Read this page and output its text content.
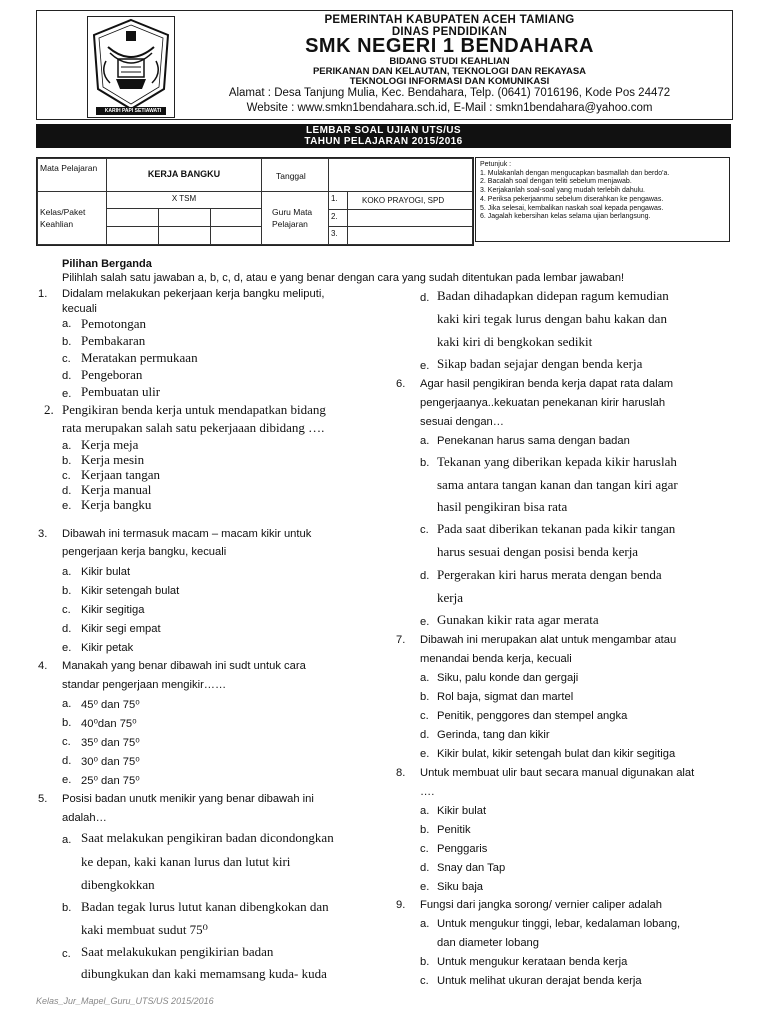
KARIH PAPI SETIAWATI
PEMERINTAH KABUPATEN ACEH TAMIANG
DINAS PENDIDIKAN
SMK NEGERI 1 BENDAHARA
BIDANG STUDI KEAHLIAN
PERIKANAN DAN KELAUTAN, TEKNOLOGI DAN REKAYASA
TEKNOLOGI INFORMASI DAN KOMUNIKASI
Alamat : Desa Tanjung Mulia, Kec. Bendahara, Telp. (0641) 7016196, Kode Pos 24472
Website : www.smkn1bendahara.sch.id, E-Mail : smkn1bendahara@yahoo.com
LEMBAR SOAL UJIAN UTS/US
TAHUN PELAJARAN 2015/2016
Mata Pelajaran
KERJA BANGKU	Tanggal
X TSM
Kelas/Paket Keahlian
Guru Mata Pelajaran
1.
2.
3.
KOKO PRAYOGI, SPD
Petunjuk :
1. Mulakanlah dengan mengucapkan basmallah dan berdo'a.
2. Bacalah soal dengan teliti sebelum menjawab.
3. Kerjakanlah soal-soal yang mudah terlebih dahulu.
4. Periksa pekerjaanmu sebelum diserahkan ke pengawas.
5. Jika selesai, kembalikan naskah soal kepada pengawas.
6. Jagalah kebersihan kelas selama ujian berlangsung.
Pilihan Berganda
Pilihlah salah satu jawaban a, b, c, d, atau e yang benar dengan cara yang sudah ditentukan pada lembar jawaban!
1. Didalam melakukan pekerjaan kerja bangku meliputi,
kecuali
a. Pemotongan
b. Pembakaran
c. Meratakan permukaan
d. Pengeboran
e. Pembuatan ulir
2. Pengikiran benda kerja untuk mendapatkan bidang
rata merupakan salah satu pekerjaaan dibidang ….
a. Kerja meja
b. Kerja mesin
c. Kerjaan tangan
d. Kerja manual
e. Kerja bangku
3. Dibawah ini termasuk macam – macam kikir untuk
pengerjaan kerja bangku, kecuali
a. Kikir bulat
b. Kikir setengah bulat
c. Kikir segitiga
d. Kikir segi empat
e. Kikir petak
4. Manakah yang benar dibawah ini sudt untuk cara
standar pengerjaan mengikir……
a. 45⁰ dan 75⁰
b. 40⁰dan 75⁰
c. 35⁰ dan 75⁰
d. 30⁰ dan 75⁰
e. 25⁰ dan 75⁰
5. Posisi badan unutk menikir yang benar dibawah ini
adalah…
a. Saat melakukan pengikiran badan dicondongkan
ke depan, kaki kanan lurus dan lutut kiri
dibengkokkan
b. Badan tegak lurus lutut kanan dibengkokan dan
kaki membuat sudut 75⁰
c. Saat melakukukan pengikirian badan
dibungkukan dan kaki memamsang kuda- kuda
d. Badan dihadapkan didepan ragum kemudian
kaki kiri tegak lurus dengan bahu kakan dan
kaki kiri di bengkokan sedikit
e. Sikap badan sejajar dengan benda kerja
6. Agar hasil pengikiran benda kerja dapat rata dalam
pengerjaanya..kekuatan penekanan kirir haruslah
sesuai dengan…
a. Penekanan harus sama dengan badan
b. Tekanan yang diberikan kepada kikir haruslah
sama antara tangan kanan dan tangan kiri agar
hasil pengikiran bisa rata
c. Pada saat diberikan tekanan pada kikir tangan
harus sesuai dengan posisi benda kerja
d. Pergerakan kiri harus merata dengan benda
kerja
e. Gunakan kikir rata agar merata
7. Dibawah ini merupakan alat untuk mengambar atau
menandai benda kerja, kecuali
a. Siku, palu konde dan gergaji
b. Rol baja, sigmat dan martel
c. Penitik, penggores dan stempel angka
d. Gerinda, tang dan kikir
e. Kikir bulat, kikir setengah bulat dan kikir segitiga
8. Untuk membuat ulir baut secara manual digunakan alat
….
a. Kikir bulat
b. Penitik
c. Penggaris
d. Snay dan Tap
e. Siku baja
9. Fungsi dari jangka sorong/ vernier caliper adalah
a. Untuk mengukur tinggi, lebar, kedalaman lobang,
dan diameter lobang
b. Untuk mengukur kerataan benda kerja
c. Untuk melihat ukuran derajat benda kerja
Kelas_Jur_Mapel_Guru_UTS/US 2015/2016
